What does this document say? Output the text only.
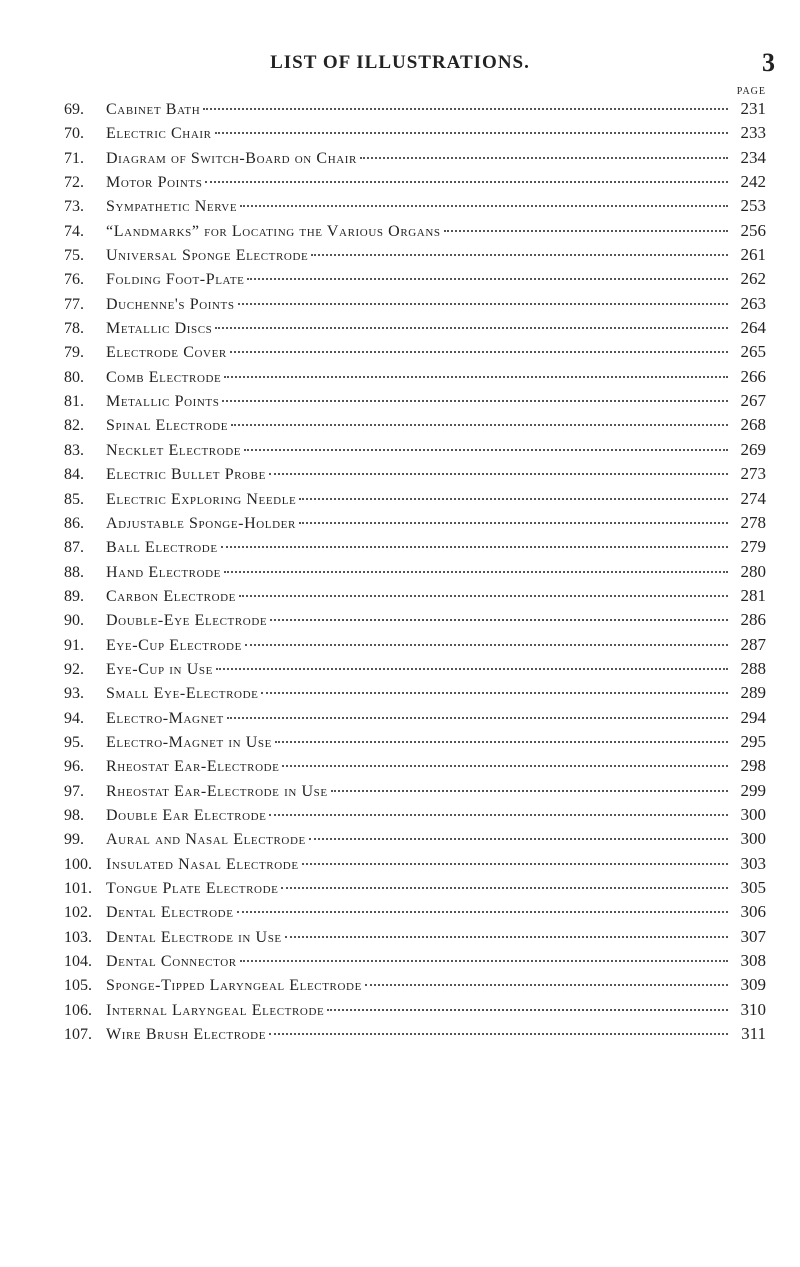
LIST OF ILLUSTRATIONS.	3
PAGE
69.	Cabinet Bath	231
70.	Electric Chair	233
71.	Diagram of Switch-Board on Chair	234
72.	Motor Points	242
73.	Sympathetic Nerve	253
74.	“Landmarks” for Locating the Various Organs	256
75.	Universal Sponge Electrode	261
76.	Folding Foot-Plate	262
77.	Duchenne's Points	263
78.	Metallic Discs	264
79.	Electrode Cover	265
80.	Comb Electrode	266
81.	Metallic Points	267
82.	Spinal Electrode	268
83.	Necklet Electrode	269
84.	Electric Bullet Probe	273
85.	Electric Exploring Needle	274
86.	Adjustable Sponge-Holder	278
87.	Ball Electrode	279
88.	Hand Electrode	280
89.	Carbon Electrode	281
90.	Double-Eye Electrode	286
91.	Eye-Cup Electrode	287
92.	Eye-Cup in Use	288
93.	Small Eye-Electrode	289
94.	Electro-Magnet	294
95.	Electro-Magnet in Use	295
96.	Rheostat Ear-Electrode	298
97.	Rheostat Ear-Electrode in Use	299
98.	Double Ear Electrode	300
99.	Aural and Nasal Electrode	300
100. Insulated Nasal Electrode	303
101. Tongue Plate Electrode	305
102. Dental Electrode	306
103. Dental Electrode in Use	307
104. Dental Connector	308
105. Sponge-Tipped Laryngeal Electrode	309
106. Internal Laryngeal Electrode	310
107. Wire Brush Electrode	311
